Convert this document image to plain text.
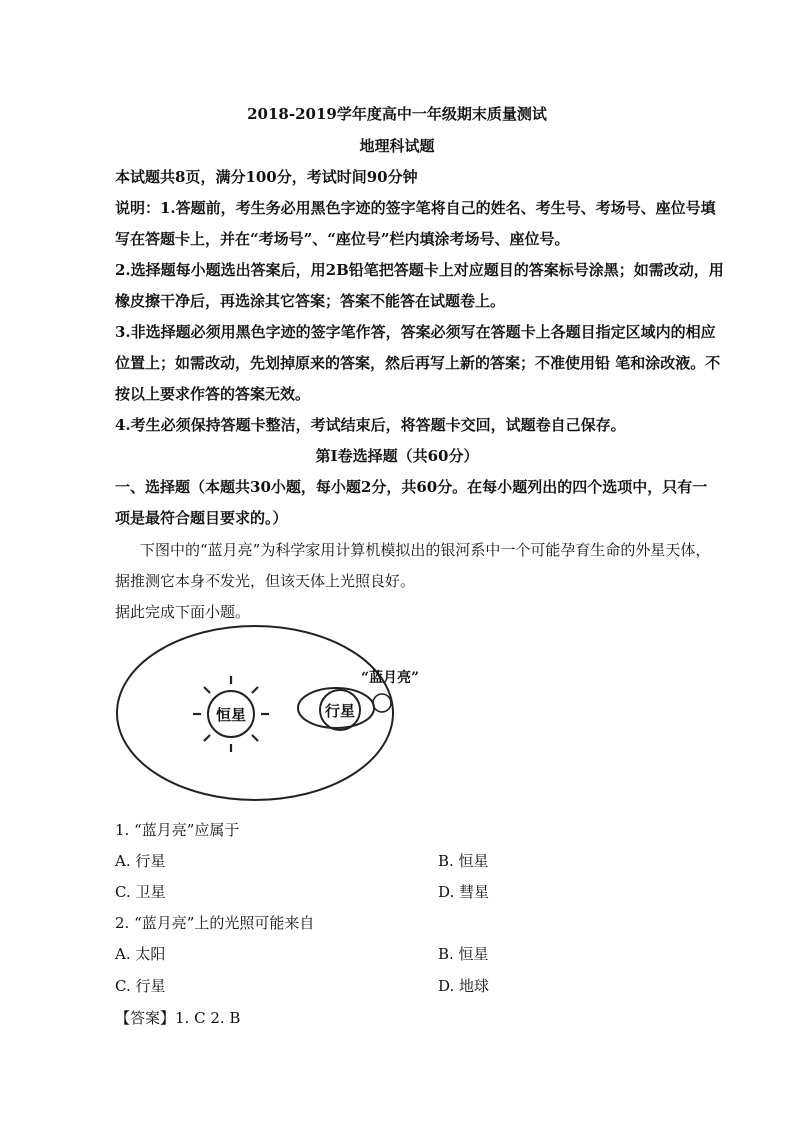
2018-2019学年度高中一年级期末质量测试
地理科试题
本试题共8页，满分100分，考试时间90分钟
说明：1.答题前，考生务必用黑色字迹的签字笔将自己的姓名、考生号、考场号、座位号填
写在答题卡上，并在“考场号”、“座位号”栏内填涂考场号、座位号。
2.选择题每小题选出答案后，用2B铅笔把答题卡上对应题目的答案标号涂黑；如需改动，用
橡皮擦干净后，再选涂其它答案；答案不能答在试题卷上。
3.非选择题必须用黑色字迹的签字笔作答，答案必须写在答题卡上各题目指定区域内的相应
位置上；如需改动，先划掉原来的答案，然后再写上新的答案；不准使用铅 笔和涂改液。不
按以上要求作答的答案无效。
4.考生必须保持答题卡整洁，考试结束后，将答题卡交回，试题卷自己保存。
第Ⅰ卷选择题（共60分）
一、选择题（本题共30小题，每小题2分，共60分。在每小题列出的四个选项中，只有一
项是最符合题目要求的。）
下图中的“蓝月亮”为科学家用计算机模拟出的银河系中一个可能孕育生命的外星天体，
据推测它本身不发光，但该天体上光照良好。
据此完成下面小题。
恒星	行星
“蓝月亮”
1. “蓝月亮”应属于
A. 行星	B. 恒星
C. 卫星	D. 彗星
2. “蓝月亮”上的光照可能来自
A. 太阳	B. 恒星
C. 行星	D. 地球
【答案】1. C 2. B
